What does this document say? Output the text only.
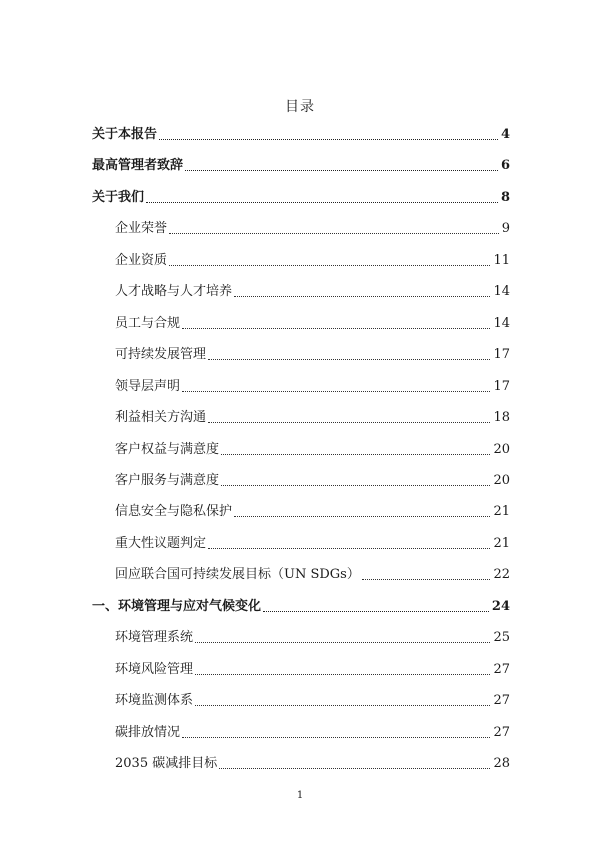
目录
关于本报告	4
最高管理者致辞	6
关于我们	8
企业荣誉	9
企业资质	11
人才战略与人才培养	14
员工与合规	14
可持续发展管理	17
领导层声明	17
利益相关方沟通	18
客户权益与满意度	20
客户服务与满意度	20
信息安全与隐私保护	21
重大性议题判定	21
回应联合国可持续发展目标（UN SDGs）	22
一、环境管理与应对气候变化	24
环境管理系统	25
环境风险管理	27
环境监测体系	27
碳排放情况	27
2035 碳减排目标	28
1
